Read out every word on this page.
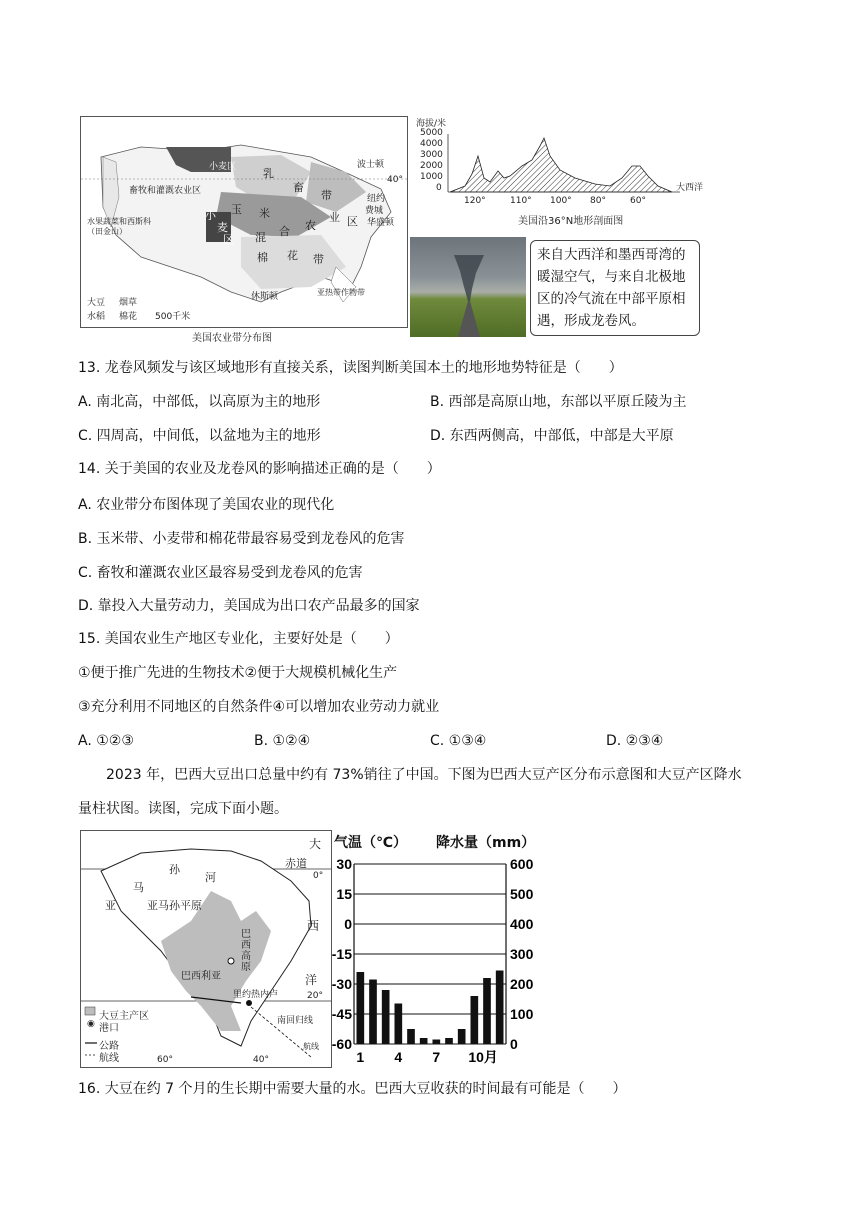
小麦区 乳
畜
带
玉 米
小
麦
区 混 合 农
业 区
棉 花 带
畜牧和灌溉农业区
水果蔬菜和西斯科（田金山）
波士顿
纽约
费城
华盛顿
休斯顿
40°
亚热带作物带
大豆 烟草
水稻 棉花 500千米
美国农业带分布图
海拔/米
5000
4000
3000
2000
1000
0
120°	110° 100° 80°	60°
大西洋
美国沿36°N地形剖面图
来自大西洋和墨西哥湾的暖湿空气，与来自北极地区的冷气流在中部平原相遇，形成龙卷风。
13. 龙卷风频发与该区域地形有直接关系，读图判断美国本土的地形地势特征是（　　）
A. 南北高，中部低，以高原为主的地形	B. 西部是高原山地，东部以平原丘陵为主
C. 四周高，中间低，以盆地为主的地形	D. 东西两侧高，中部低，中部是大平原
14. 关于美国的农业及龙卷风的影响描述正确的是（　　）
A. 农业带分布图体现了美国农业的现代化
B. 玉米带、小麦带和棉花带最容易受到龙卷风的危害
C. 畜牧和灌溉农业区最容易受到龙卷风的危害
D. 靠投入大量劳动力，美国成为出口农产品最多的国家
15. 美国农业生产地区专业化，主要好处是（　　）
①便于推广先进的生物技术②便于大规模机械化生产
③充分利用不同地区的自然条件④可以增加农业劳动力就业
A. ①②③	B. ①②④	C. ①③④	D. ②③④
2023 年，巴西大豆出口总量中约有 73%销往了中国。下图为巴西大豆产区分布示意图和大豆产区降水
量柱状图。读图，完成下面小题。
大
洋
西
赤道
0°
亚
马
孙
河
亚马孙平原
巴西高原
巴西利亚
里约热内卢	20°
南回归线
航线
60°	40°
大豆主产区
◉ 港口
公路
航线
气温（℃） 降水量（mm）
600
30
500
15
400
0
300
-15
200
-30
100
-45
0
-60
1 4 7 10月
16. 大豆在约 7 个月的生长期中需要大量的水。巴西大豆收获的时间最有可能是（　　）
